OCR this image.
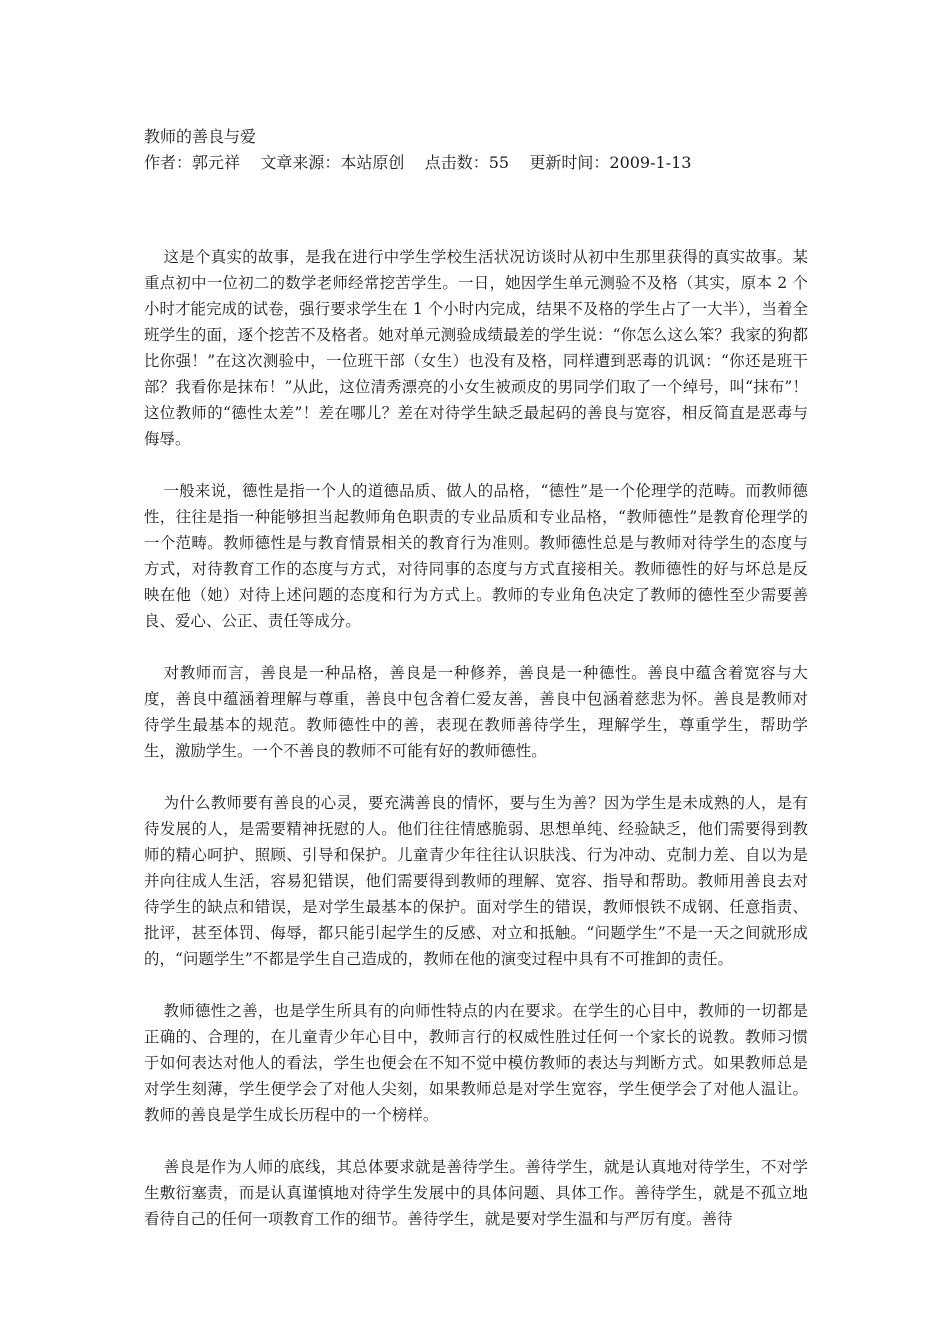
教师的善良与爱
作者：郭元祥    文章来源：本站原创    点击数：55    更新时间：2009-1-13

这是个真实的故事，是我在进行中学生学校生活状况访谈时从初中生那里获得的真实故事。某重点初中一位初二的数学老师经常挖苦学生。一日，她因学生单元测验不及格（其实，原本 2 个小时才能完成的试卷，强行要求学生在 1 个小时内完成，结果不及格的学生占了一大半），当着全班学生的面，逐个挖苦不及格者。她对单元测验成绩最差的学生说：“你怎么这么笨？我家的狗都比你强！”在这次测验中，一位班干部（女生）也没有及格，同样遭到恶毒的讥讽：“你还是班干部？我看你是抹布！”从此，这位清秀漂亮的小女生被顽皮的男同学们取了一个绰号，叫“抹布”！这位教师的“德性太差”！差在哪儿？差在对待学生缺乏最起码的善良与宽容，相反简直是恶毒与侮辱。

一般来说，德性是指一个人的道德品质、做人的品格，“德性”是一个伦理学的范畴。而教师德性，往往是指一种能够担当起教师角色职责的专业品质和专业品格，“教师德性”是教育伦理学的一个范畴。教师德性是与教育情景相关的教育行为准则。教师德性总是与教师对待学生的态度与方式，对待教育工作的态度与方式，对待同事的态度与方式直接相关。教师德性的好与坏总是反映在他（她）对待上述问题的态度和行为方式上。教师的专业角色决定了教师的德性至少需要善良、爱心、公正、责任等成分。

对教师而言，善良是一种品格，善良是一种修养，善良是一种德性。善良中蕴含着宽容与大度，善良中蕴涵着理解与尊重，善良中包含着仁爱友善，善良中包涵着慈悲为怀。善良是教师对待学生最基本的规范。教师德性中的善，表现在教师善待学生，理解学生，尊重学生，帮助学生，激励学生。一个不善良的教师不可能有好的教师德性。

为什么教师要有善良的心灵，要充满善良的情怀，要与生为善？因为学生是未成熟的人，是有待发展的人，是需要精神抚慰的人。他们往往情感脆弱、思想单纯、经验缺乏，他们需要得到教师的精心呵护、照顾、引导和保护。儿童青少年往往认识肤浅、行为冲动、克制力差、自以为是并向往成人生活，容易犯错误，他们需要得到教师的理解、宽容、指导和帮助。教师用善良去对待学生的缺点和错误，是对学生最基本的保护。面对学生的错误，教师恨铁不成钢、任意指责、批评，甚至体罚、侮辱，都只能引起学生的反感、对立和抵触。“问题学生”不是一天之间就形成的，“问题学生”不都是学生自己造成的，教师在他的演变过程中具有不可推卸的责任。

教师德性之善，也是学生所具有的向师性特点的内在要求。在学生的心目中，教师的一切都是正确的、合理的，在儿童青少年心目中，教师言行的权威性胜过任何一个家长的说教。教师习惯于如何表达对他人的看法，学生也便会在不知不觉中模仿教师的表达与判断方式。如果教师总是对学生刻薄，学生便学会了对他人尖刻，如果教师总是对学生宽容，学生便学会了对他人温让。教师的善良是学生成长历程中的一个榜样。

善良是作为人师的底线，其总体要求就是善待学生。善待学生，就是认真地对待学生，不对学生敷衍塞责，而是认真谨慎地对待学生发展中的具体问题、具体工作。善待学生，就是不孤立地看待自己的任何一项教育工作的细节。善待学生，就是要对学生温和与严厉有度。善待
